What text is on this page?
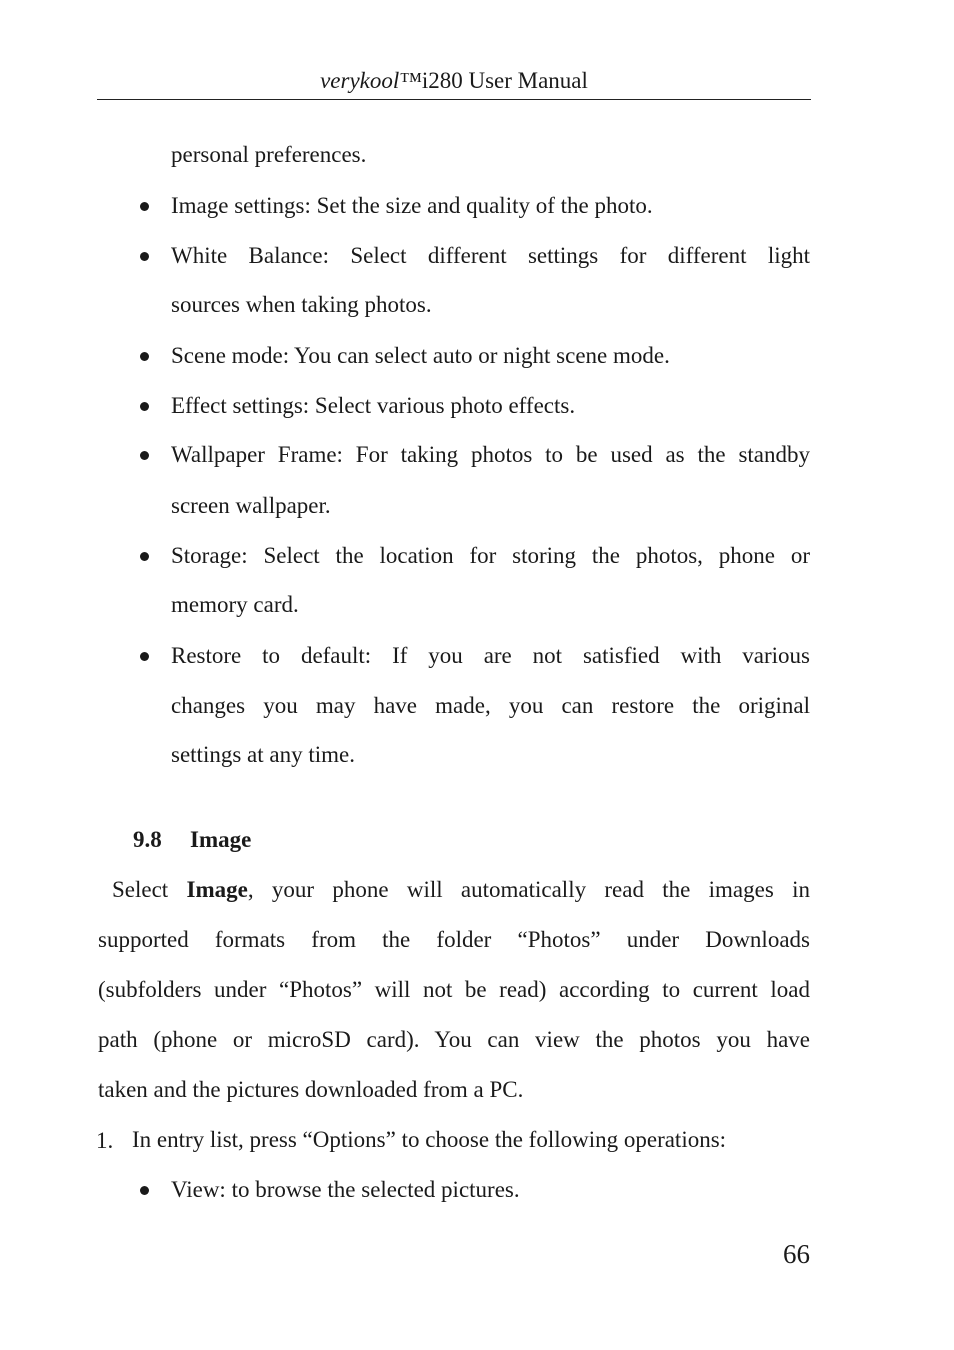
verykool™i280 User Manual
personal preferences.
Image settings: Set the size and quality of the photo.
White Balance: Select different settings for different light
sources when taking photos.
Scene mode: You can select auto or night scene mode.
Effect settings: Select various photo effects.
Wallpaper Frame: For taking photos to be used as the standby
screen wallpaper.
Storage: Select the location for storing the photos, phone or
memory card.
Restore to default: If you are not satisfied with various
changes you may have made, you can restore the original
settings at any time.
9.8 Image
Select Image, your phone will automatically read the images in
supported formats from the folder “Photos” under Downloads
(subfolders under “Photos” will not be read) according to current load
path (phone or microSD card). You can view the photos you have
taken and the pictures downloaded from a PC.
1. In entry list, press “Options” to choose the following operations:
View: to browse the selected pictures.
66
